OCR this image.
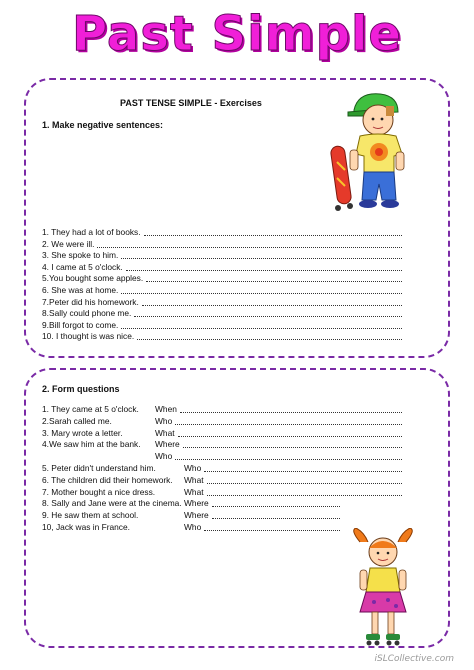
Past Simple
PAST TENSE SIMPLE - Exercises
1. Make negative sentences:
1. They had a lot of books.
2. We were ill.
3. She spoke to him.
4. I came at 5 o'clock.
5.You bought some apples.
6. She was at home.
7.Peter did his homework.
8.Sally could phone me.
9.Bill forgot to come.
10. I thought is was nice.
2. Form questions
1. They came at 5 o'clock. When
2.Sarah called me.	Who
3. Mary wrote a letter.	What
4.We saw him at the bank. Where
Who
5. Peter didn't understand him.	Who
6. The children did their homework. What
7. Mother bought a nice dress.	What
8. Sally and Jane were at the cinema. Where
9. He saw them at school.	Where
10, Jack was in France.	Who
iSLCollective.com
